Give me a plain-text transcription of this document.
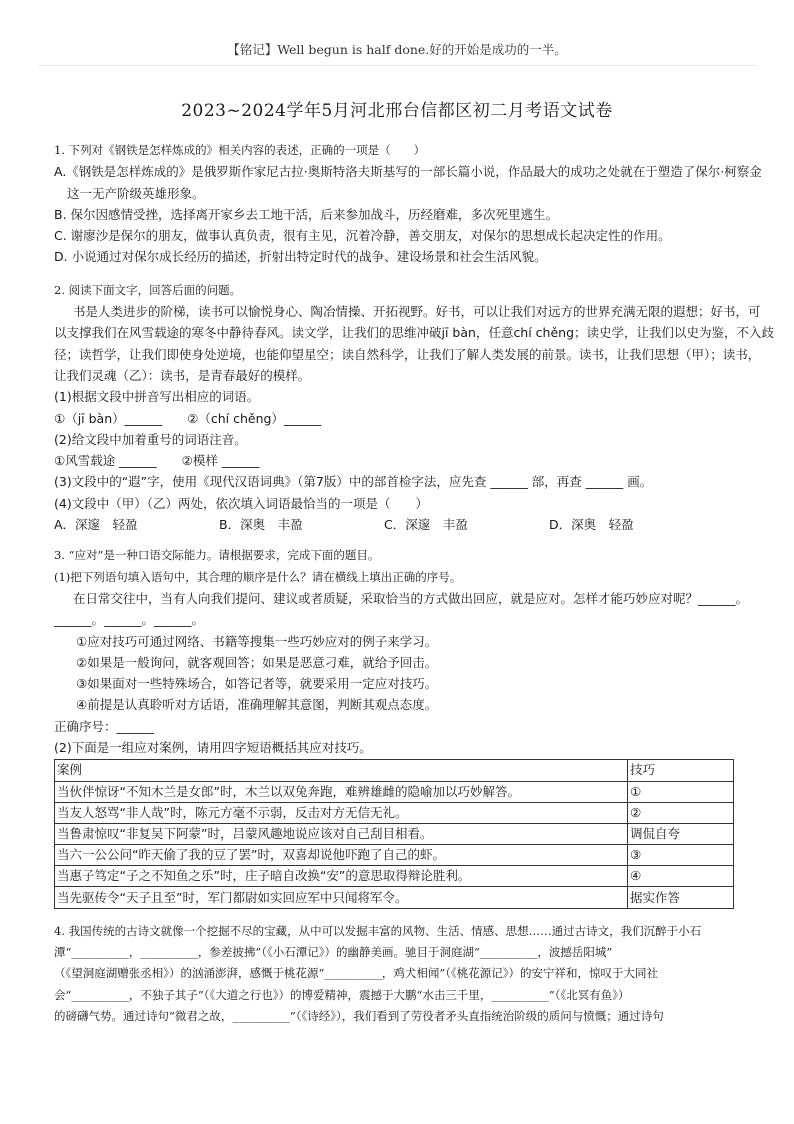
【铭记】Well begun is half done.好的开始是成功的一半。
2023~2024学年5月河北邢台信都区初二月考语文试卷
1. 下列对《钢铁是怎样炼成的》相关内容的表述，正确的一项是（　　）
A.《钢铁是怎样炼成的》是俄罗斯作家尼古拉·奥斯特洛夫斯基写的一部长篇小说，作品最大的成功之处就在于塑造了保尔·柯察金
这一无产阶级英雄形象。
B. 保尔因感情受挫，选择离开家乡去工地干活，后来参加战斗，历经磨难，多次死里逃生。
C. 谢廖沙是保尔的朋友，做事认真负责，很有主见，沉着冷静，善交朋友，对保尔的思想成长起决定性的作用。
D. 小说通过对保尔成长经历的描述，折射出特定时代的战争、建设场景和社会生活风貌。
2. 阅读下面文字，回答后面的问题。
书是人类进步的阶梯，读书可以愉悦身心、陶冶情操、开拓视野。好书，可以让我们对远方的世界充满无限的遐想；好书，可
以支撑我们在风雪载途的寒冬中静待春风。读文学，让我们的思维冲破jī bàn，任意chí chěng；读史学，让我们以史为鉴，不入歧
径；读哲学，让我们即使身处逆境，也能仰望星空；读自然科学，让我们了解人类发展的前景。读书，让我们思想（甲）；读书，
让我们灵魂（乙）：读书，是青春最好的模样。
(1)根据文段中拼音写出相应的词语。
①（jī bàn）______　　②（chí chěng）______
(2)给文段中加着重号的词语注音。
①风雪载途 ______　　②模样 ______
(3)文段中的“遐”字，使用《现代汉语词典》（第7版）中的部首检字法，应先查 ______ 部，再查 ______ 画。
(4)文段中（甲）（乙）两处，依次填入词语最恰当的一项是（　　）
A．深邃　轻盈	B．深奥　丰盈	C．深邃　丰盈	D．深奥　轻盈
3. “应对”是一种口语交际能力。请根据要求，完成下面的题目。
(1)把下列语句填入语句中，其合理的顺序是什么？请在横线上填出正确的序号。
在日常交往中，当有人向我们提问、建议或者质疑，采取恰当的方式做出回应，就是应对。怎样才能巧妙应对呢？______。
______。______。______。
①应对技巧可通过网络、书籍等搜集一些巧妙应对的例子来学习。
②如果是一般询问，就客观回答；如果是恶意刁难，就给予回击。
③如果面对一些特殊场合，如答记者等，就要采用一定应对技巧。
④前提是认真聆听对方话语，准确理解其意图，判断其观点态度。
正确序号：______
(2)下面是一组应对案例，请用四字短语概括其应对技巧。
案例	技巧
当伙伴惊讶“不知木兰是女郎”时，木兰以双兔奔跑，难辨雄雌的隐喻加以巧妙解答。	①
当友人怒骂“非人哉”时，陈元方毫不示弱，反击对方无信无礼。	②
当鲁肃惊叹“非复吴下阿蒙”时，吕蒙风趣地说应该对自己刮目相看。	调侃自夸
当六一公公问“昨天偷了我的豆了罢”时，双喜却说他吓跑了自己的虾。	③
当惠子笃定“子之不知鱼之乐”时，庄子暗自改换“安”的意思取得辩论胜利。	④
当先驱传令“天子且至”时，军门都尉如实回应军中只闻将军令。	据实作答
4. 我国传统的古诗文就像一个挖掘不尽的宝藏，从中可以发掘丰富的风物、生活、情感、思想……通过古诗文，我们沉醉于小石
潭“__________，__________，参差披拂”（《小石潭记》）的幽静美画。驰目于洞庭湖“__________，波撼岳阳城”
（《望洞庭湖赠张丞相》）的汹涌澎湃，感慨于桃花源“__________，鸡犬相闻”（《桃花源记》）的安宁祥和，惊叹于大同社
会“__________，不独子其子”（《大道之行也》）的博爱精神，震撼于大鹏“水击三千里，__________”（《北冥有鱼》）
的磅礴气势。通过诗句“微君之故，__________”（《诗经》），我们看到了劳役者矛头直指统治阶级的质问与愤慨；通过诗句
